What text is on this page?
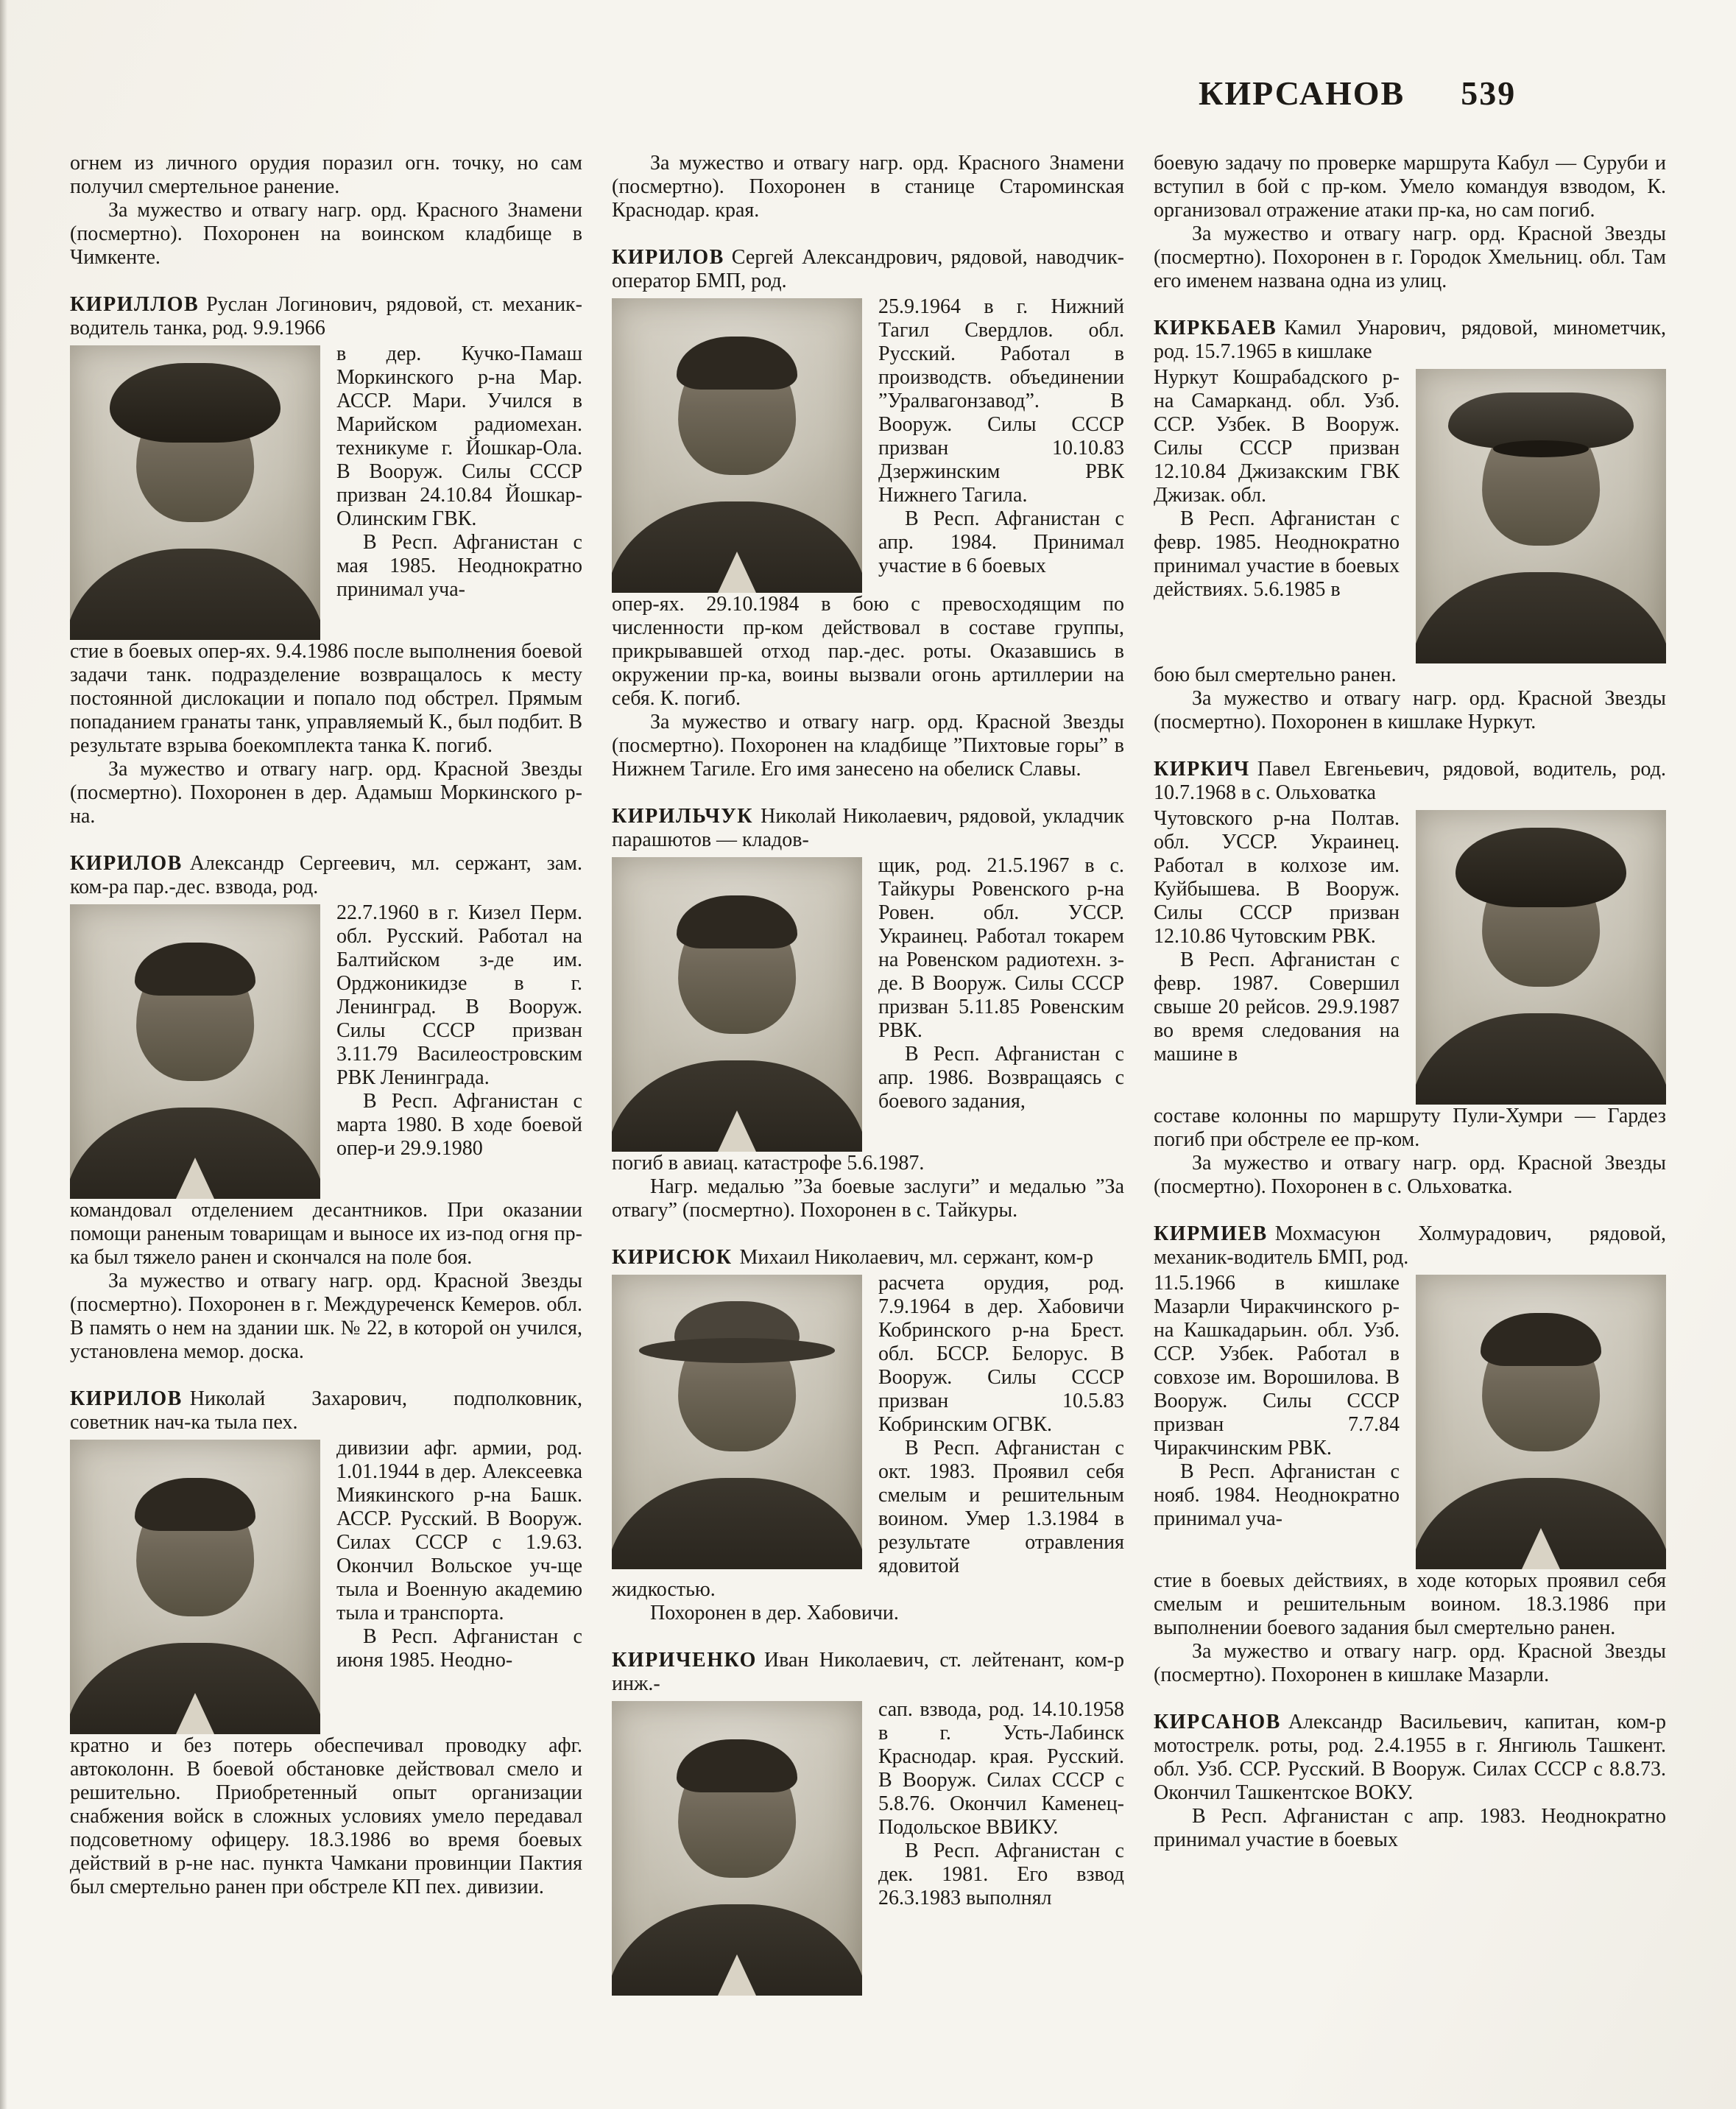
КИРСАНОВ 539

огнем из личного орудия поразил огн. точку, но сам получил смертельное ранение.

За мужество и отвагу нагр. орд. Красного Знамени (посмертно). Похоронен на воинском кладбище в Чимкенте.

КИРИЛЛОВ Руслан Логинович, рядовой, ст. механик-водитель танка, род. 9.9.1966

в дер. Кучко-Памаш Моркинского р-на Мар. АССР. Мари. Учился в Марийском радиомехан. техникуме г. Йошкар-Ола. В Вооруж. Силы СССР призван 24.10.84 Йошкар-Олинским ГВК.

В Респ. Афганистан с мая 1985. Неоднократно принимал уча-

стие в боевых опер-ях. 9.4.1986 после выполнения боевой задачи танк. подразделение возвращалось к месту постоянной дислокации и попало под обстрел. Прямым попаданием гранаты танк, управляемый К., был подбит. В результате взрыва боекомплекта танка К. погиб.

За мужество и отвагу нагр. орд. Красной Звезды (посмертно). Похоронен в дер. Адамыш Моркинского р-на.

КИРИЛОВ Александр Сергеевич, мл. сержант, зам. ком-ра пар.-дес. взвода, род.

22.7.1960 в г. Кизел Перм. обл. Русский. Работал на Балтийском з-де им. Орджоникидзе в г. Ленинград. В Вооруж. Силы СССР призван 3.11.79 Василеостровским РВК Ленинграда.

В Респ. Афганистан с марта 1980. В ходе боевой опер-и 29.9.1980

командовал отделением десантников. При оказании помощи раненым товарищам и выносе их из-под огня пр-ка был тяжело ранен и скончался на поле боя.

За мужество и отвагу нагр. орд. Красной Звезды (посмертно). Похоронен в г. Междуреченск Кемеров. обл. В память о нем на здании шк. № 22, в которой он учился, установлена мемор. доска.

КИРИЛОВ Николай Захарович, подполковник, советник нач-ка тыла пех.

дивизии афг. армии, род. 1.01.1944 в дер. Алексеевка Миякинского р-на Башк. АССР. Русский. В Вооруж. Силах СССР с 1.9.63. Окончил Вольское уч-ще тыла и Военную академию тыла и транспорта.

В Респ. Афганистан с июня 1985. Неодно-

кратно и без потерь обеспечивал проводку афг. автоколонн. В боевой обстановке действовал смело и решительно. Приобретенный опыт организации снабжения войск в сложных условиях умело передавал подсоветному офицеру. 18.3.1986 во время боевых действий в р-не нас. пункта Чамкани провинции Пактия был смертельно ранен при обстреле КП пех. дивизии.

За мужество и отвагу нагр. орд. Красного Знамени (посмертно). Похоронен в станице Староминская Краснодар. края.

КИРИЛОВ Сергей Александрович, рядовой, наводчик-оператор БМП, род.

25.9.1964 в г. Нижний Тагил Свердлов. обл. Русский. Работал в производств. объединении ”Уралвагонзавод”. В Вооруж. Силы СССР призван 10.10.83 Дзержинским РВК Нижнего Тагила.

В Респ. Афганистан с апр. 1984. Принимал участие в 6 боевых

опер-ях. 29.10.1984 в бою с превосходящим по численности пр-ком действовал в составе группы, прикрывавшей отход пар.-дес. роты. Оказавшись в окружении пр-ка, воины вызвали огонь артиллерии на себя. К. погиб.

За мужество и отвагу нагр. орд. Красной Звезды (посмертно). Похоронен на кладбище ”Пихтовые горы” в Нижнем Тагиле. Его имя занесено на обелиск Славы.

КИРИЛЬЧУК Николай Николаевич, рядовой, укладчик парашютов — кладов-

щик, род. 21.5.1967 в с. Тайкуры Ровенского р-на Ровен. обл. УССР. Украинец. Работал токарем на Ровенском радиотехн. з-де. В Вооруж. Силы СССР призван 5.11.85 Ровенским РВК.

В Респ. Афганистан с апр. 1986. Возвращаясь с боевого задания,

погиб в авиац. катастрофе 5.6.1987.

Нагр. медалью ”За боевые заслуги” и медалью ”За отвагу” (посмертно). Похоронен в с. Тайкуры.

КИРИСЮК Михаил Николаевич, мл. сержант, ком-р

расчета орудия, род. 7.9.1964 в дер. Хабовичи Кобринского р-на Брест. обл. БССР. Белорус. В Вооруж. Силы СССР призван 10.5.83 Кобринским ОГВК.

В Респ. Афганистан с окт. 1983. Проявил себя смелым и решительным воином. Умер 1.3.1984 в результате отравления ядовитой

жидкостью.

Похоронен в дер. Хабовичи.

КИРИЧЕНКО Иван Николаевич, ст. лейтенант, ком-р инж.-

сап. взвода, род. 14.10.1958 в г. Усть-Лабинск Краснодар. края. Русский. В Вооруж. Силах СССР с 5.8.76. Окончил Каменец-Подольское ВВИКУ.

В Респ. Афганистан с дек. 1981. Его взвод 26.3.1983 выполнял

боевую задачу по проверке маршрута Кабул — Суруби и вступил в бой с пр-ком. Умело командуя взводом, К. организовал отражение атаки пр-ка, но сам погиб.

За мужество и отвагу нагр. орд. Красной Звезды (посмертно). Похоронен в г. Городок Хмельниц. обл. Там его именем названа одна из улиц.

КИРКБАЕВ Камил Унарович, рядовой, минометчик, род. 15.7.1965 в кишлаке

Нуркут Кошрабадского р-на Самарканд. обл. Узб. ССР. Узбек. В Вооруж. Силы СССР призван 12.10.84 Джизакским ГВК Джизак. обл.

В Респ. Афганистан с февр. 1985. Неоднократно принимал участие в боевых действиях. 5.6.1985 в

бою был смертельно ранен.

За мужество и отвагу нагр. орд. Красной Звезды (посмертно). Похоронен в кишлаке Нуркут.

КИРКИЧ Павел Евгеньевич, рядовой, водитель, род. 10.7.1968 в с. Ольховатка

Чутовского р-на Полтав. обл. УССР. Украинец. Работал в колхозе им. Куйбышева. В Вооруж. Силы СССР призван 12.10.86 Чутовским РВК.

В Респ. Афганистан с февр. 1987. Совершил свыше 20 рейсов. 29.9.1987 во время следования на машине в

составе колонны по маршруту Пули-Хумри — Гардез погиб при обстреле ее пр-ком.

За мужество и отвагу нагр. орд. Красной Звезды (посмертно). Похоронен в с. Ольховатка.

КИРМИЕВ Мохмасуюн Холмурадович, рядовой, механик-водитель БМП, род.

11.5.1966 в кишлаке Мазарли Чиракчинского р-на Кашкадарьин. обл. Узб. ССР. Узбек. Работал в совхозе им. Ворошилова. В Вооруж. Силы СССР призван 7.7.84 Чиракчинским РВК.

В Респ. Афганистан с нояб. 1984. Неоднократно принимал уча-

стие в боевых действиях, в ходе которых проявил себя смелым и решительным воином. 18.3.1986 при выполнении боевого задания был смертельно ранен.

За мужество и отвагу нагр. орд. Красной Звезды (посмертно). Похоронен в кишлаке Мазарли.

КИРСАНОВ Александр Васильевич, капитан, ком-р мотострелк. роты, род. 2.4.1955 в г. Янгиюль Ташкент. обл. Узб. ССР. Русский. В Вооруж. Силах СССР с 8.8.73. Окончил Ташкентское ВОКУ.

В Респ. Афганистан с апр. 1983. Неоднократно принимал участие в боевых
